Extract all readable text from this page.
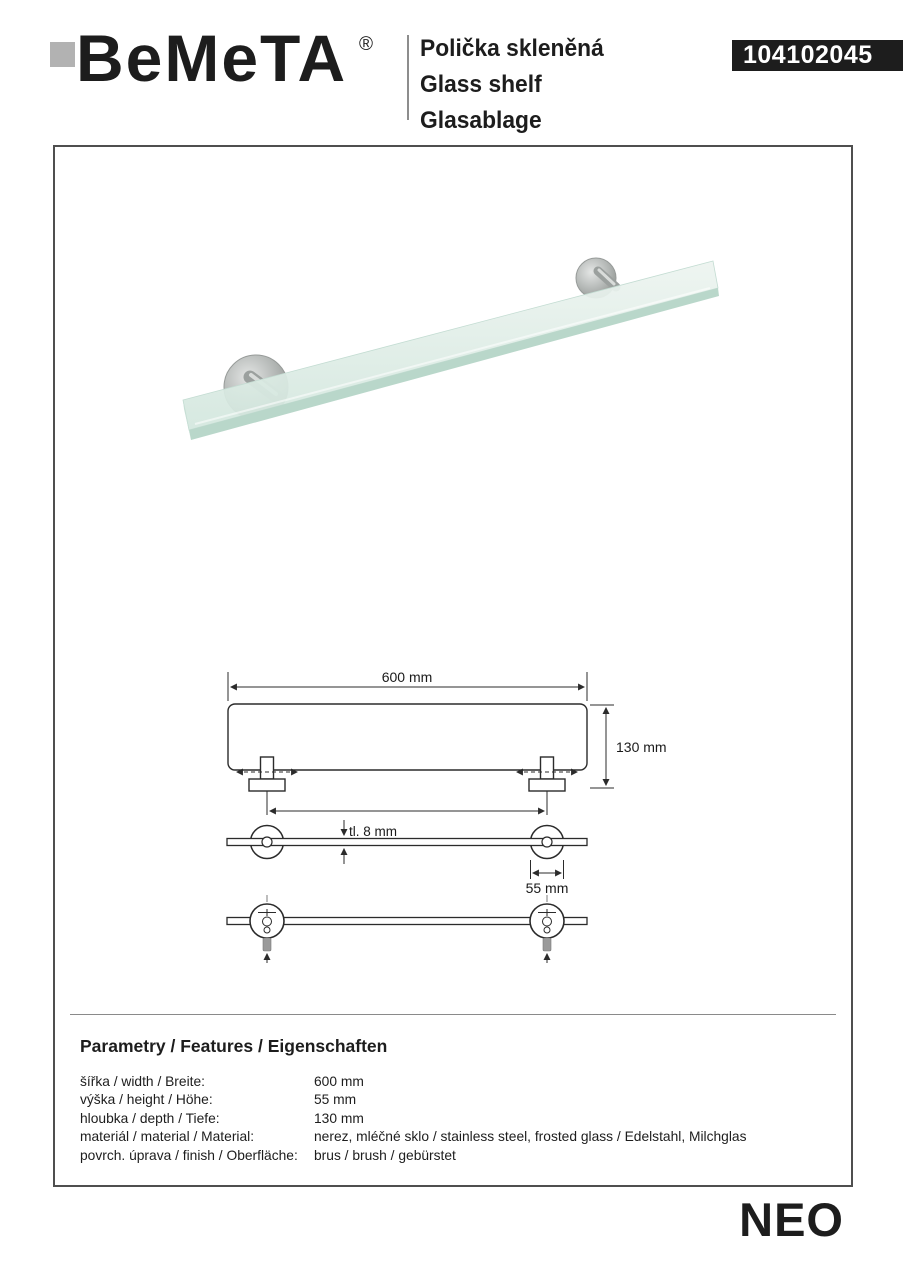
BeMeTA ® Polička skleněná
Glass shelf
Glasablage
104102045
600 mm
130 mm
tl. 8 mm
55 mm
Parametry / Features / Eigenschaften
šířka / width / Breite:	600 mm
výška / height / Höhe:	55 mm
hloubka / depth / Tiefe:	130 mm
materiál / material / Material:	nerez, mléčné sklo / stainless steel, frosted glass / Edelstahl, Milchglas
povrch. úprava / finish / Oberfläche:	brus / brush / gebürstet
NEO
